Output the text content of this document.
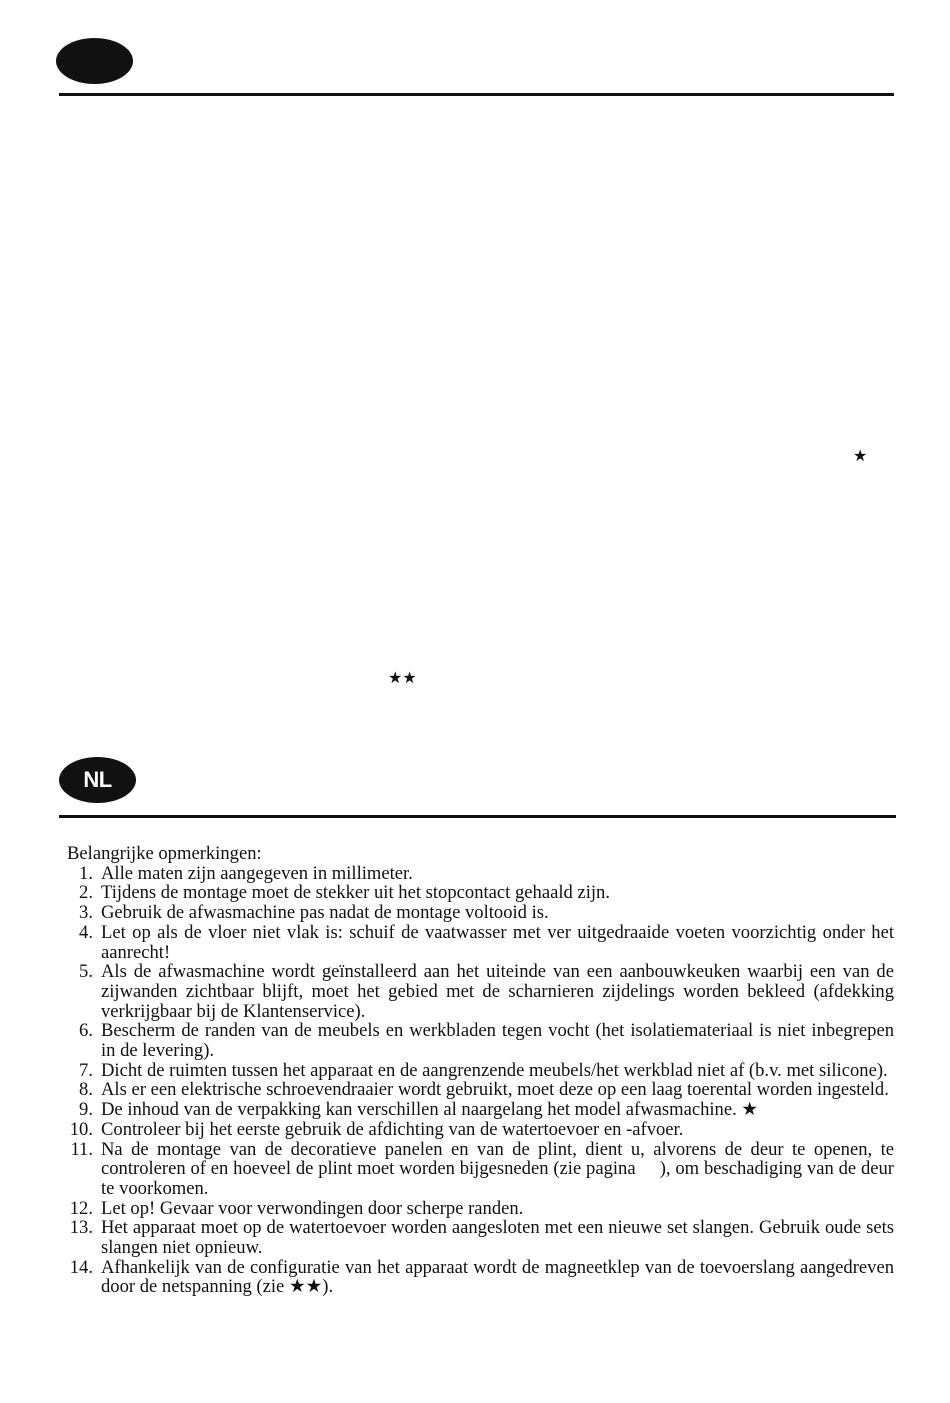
★
★★
NL
Belangrijke opmerkingen:
1. Alle maten zijn aangegeven in millimeter.
2. Tijdens de montage moet de stekker uit het stopcontact gehaald zijn.
3. Gebruik de afwasmachine pas nadat de montage voltooid is.
4. Let op als de vloer niet vlak is: schuif de vaatwasser met ver uitgedraaide voeten voorzichtig onder het aanrecht!
5. Als de afwasmachine wordt geïnstalleerd aan het uiteinde van een aanbouwkeuken waarbij een van de zijwanden zichtbaar blijft, moet het gebied met de scharnieren zijdelings worden bekleed (afdekking verkrijgbaar bij de Klantenservice).
6. Bescherm de randen van de meubels en werkbladen tegen vocht (het isolatiemateriaal is niet inbegrepen in de levering).
7. Dicht de ruimten tussen het apparaat en de aangrenzende meubels/het werkblad niet af (b.v. met silicone).
8. Als er een elektrische schroevendraaier wordt gebruikt, moet deze op een laag toerental worden ingesteld.
9. De inhoud van de verpakking kan verschillen al naargelang het model afwasmachine. ★
10. Controleer bij het eerste gebruik de afdichting van de watertoevoer en -afvoer.
11. Na de montage van de decoratieve panelen en van de plint, dient u, alvorens de deur te openen, te controleren of en hoeveel de plint moet worden bijgesneden (zie pagina     ), om beschadiging van de deur te voorkomen.
12. Let op! Gevaar voor verwondingen door scherpe randen.
13. Het apparaat moet op de watertoevoer worden aangesloten met een nieuwe set slangen. Gebruik oude sets slangen niet opnieuw.
14. Afhankelijk van de configuratie van het apparaat wordt de magneetklep van de toevoerslang aangedreven door de netspanning (zie ★★).
